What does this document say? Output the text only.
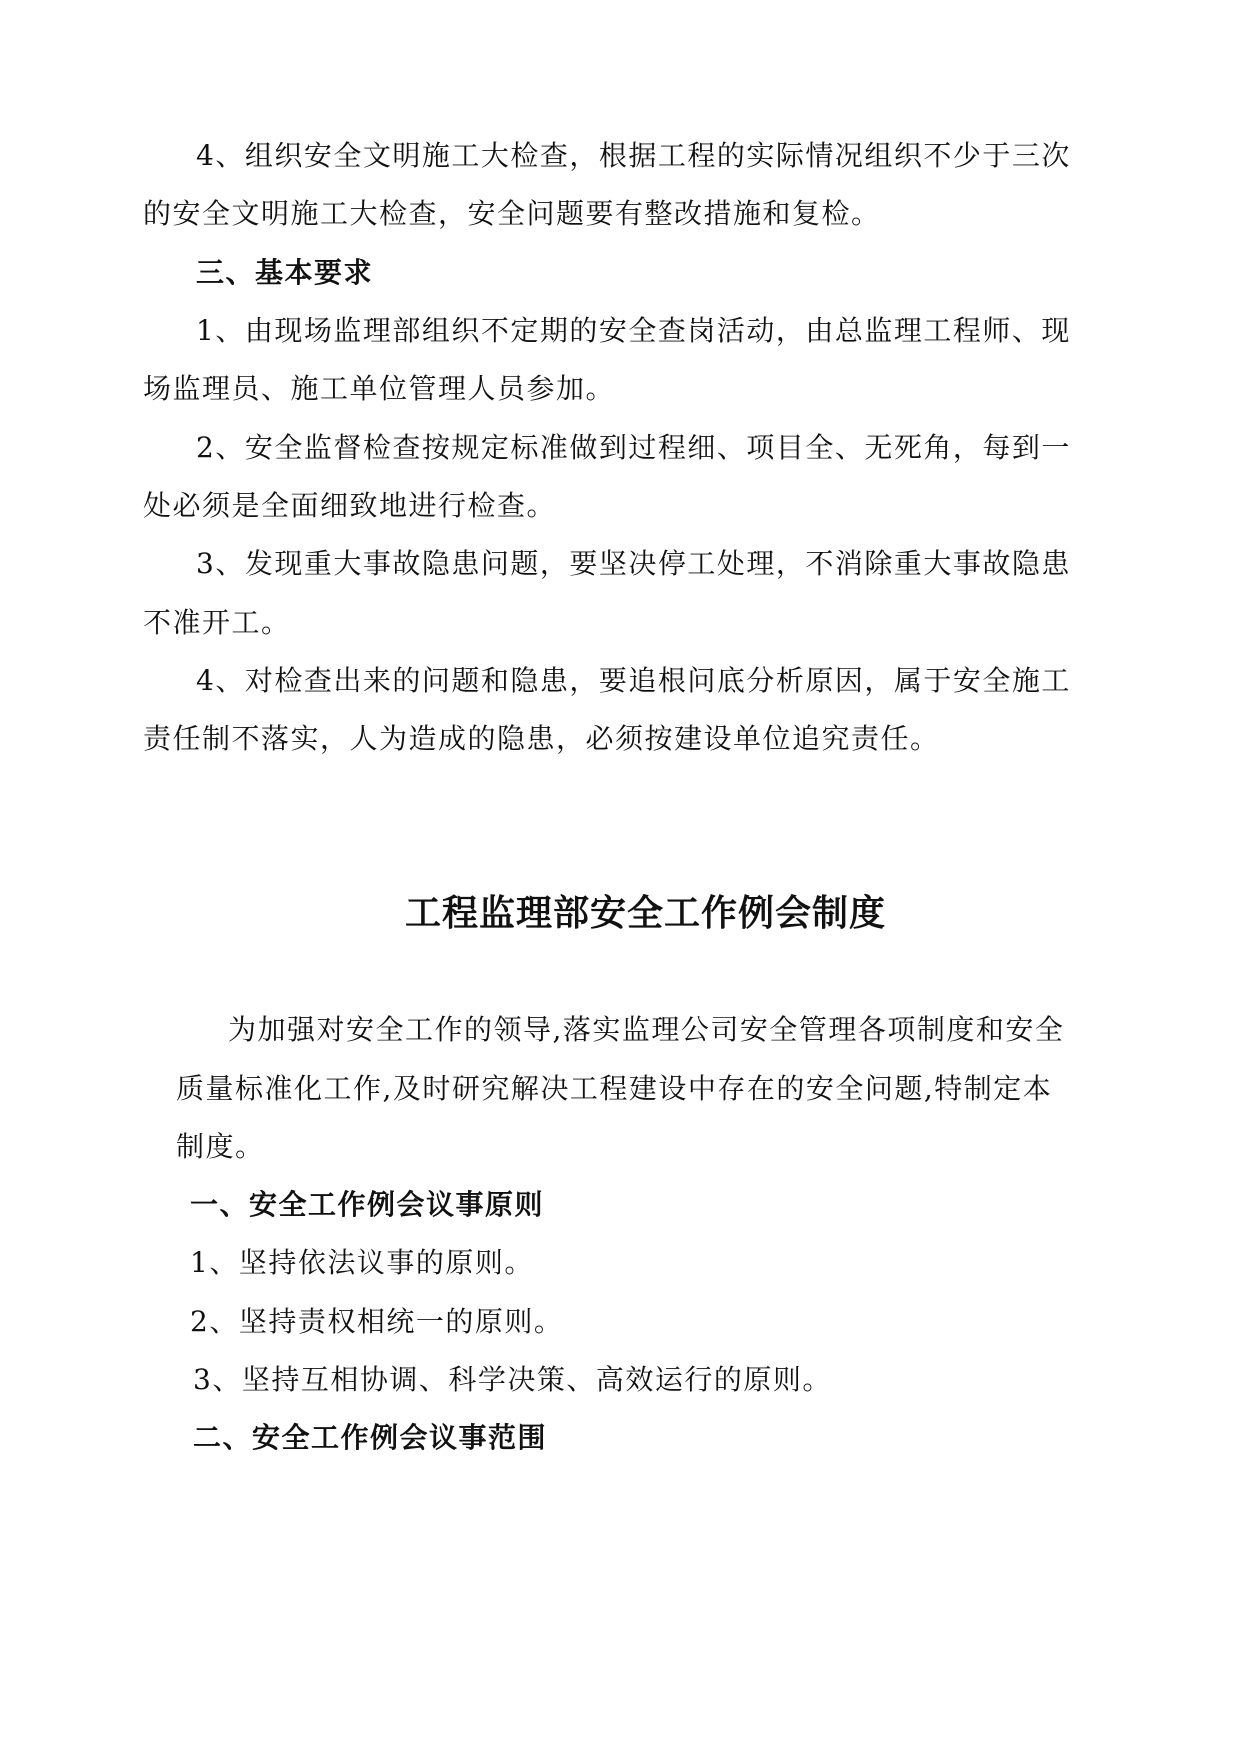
4、组织安全文明施工大检查，根据工程的实际情况组织不少于三次
的安全文明施工大检查，安全问题要有整改措施和复检。
三、基本要求
1、由现场监理部组织不定期的安全查岗活动，由总监理工程师、现
场监理员、施工单位管理人员参加。
2、安全监督检查按规定标准做到过程细、项目全、无死角，每到一
处必须是全面细致地进行检查。
3、发现重大事故隐患问题，要坚决停工处理，不消除重大事故隐患
不准开工。
4、对检查出来的问题和隐患，要追根问底分析原因，属于安全施工
责任制不落实，人为造成的隐患，必须按建设单位追究责任。
工程监理部安全工作例会制度
为加强对安全工作的领导,落实监理公司安全管理各项制度和安全
质量标准化工作,及时研究解决工程建设中存在的安全问题,特制定本
制度。
一、安全工作例会议事原则
1、坚持依法议事的原则。
2、坚持责权相统一的原则。
3、坚持互相协调、科学决策、高效运行的原则。
二、安全工作例会议事范围
